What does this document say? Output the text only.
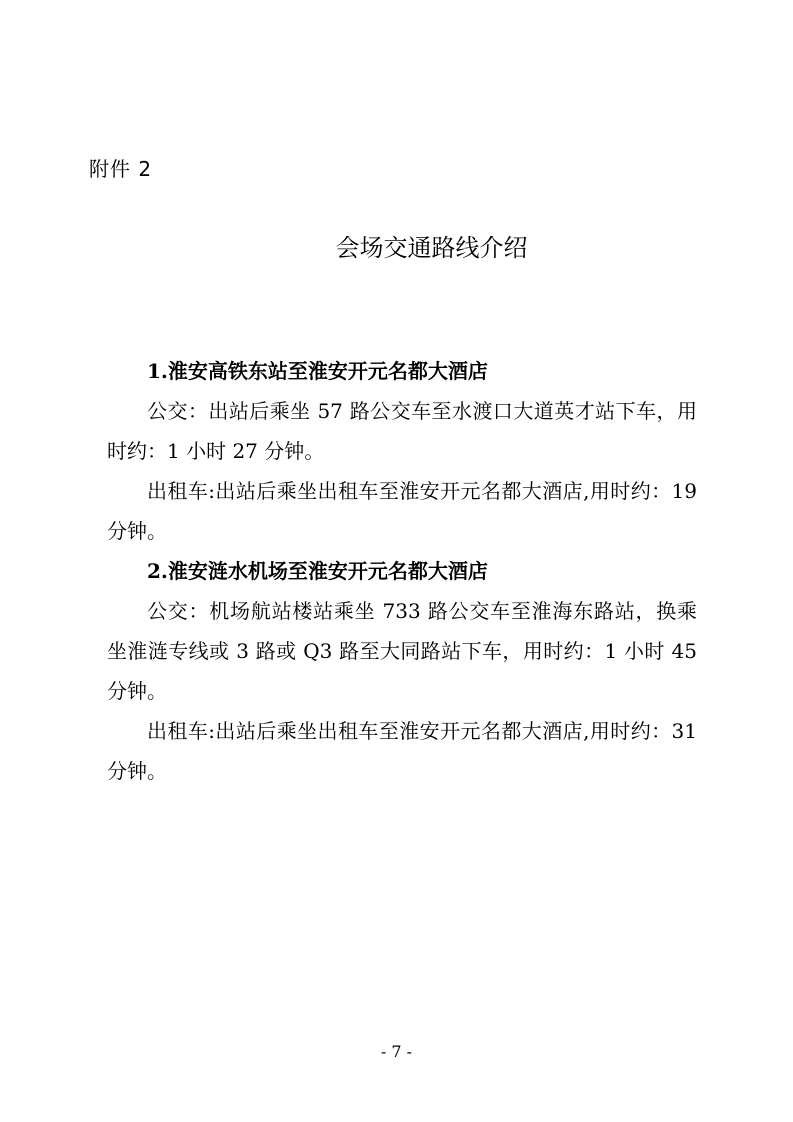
附件 2
会场交通路线介绍

1.淮安高铁东站至淮安开元名都大酒店

公交：出站后乘坐 57 路公交车至水渡口大道英才站下车，用时约：1 小时 27 分钟。

出租车:出站后乘坐出租车至淮安开元名都大酒店,用时约：19 分钟。

2.淮安涟水机场至淮安开元名都大酒店

公交：机场航站楼站乘坐 733 路公交车至淮海东路站，换乘坐淮涟专线或 3 路或 Q3 路至大同路站下车，用时约：1 小时 45 分钟。

出租车:出站后乘坐出租车至淮安开元名都大酒店,用时约：31 分钟。

- 7 -
